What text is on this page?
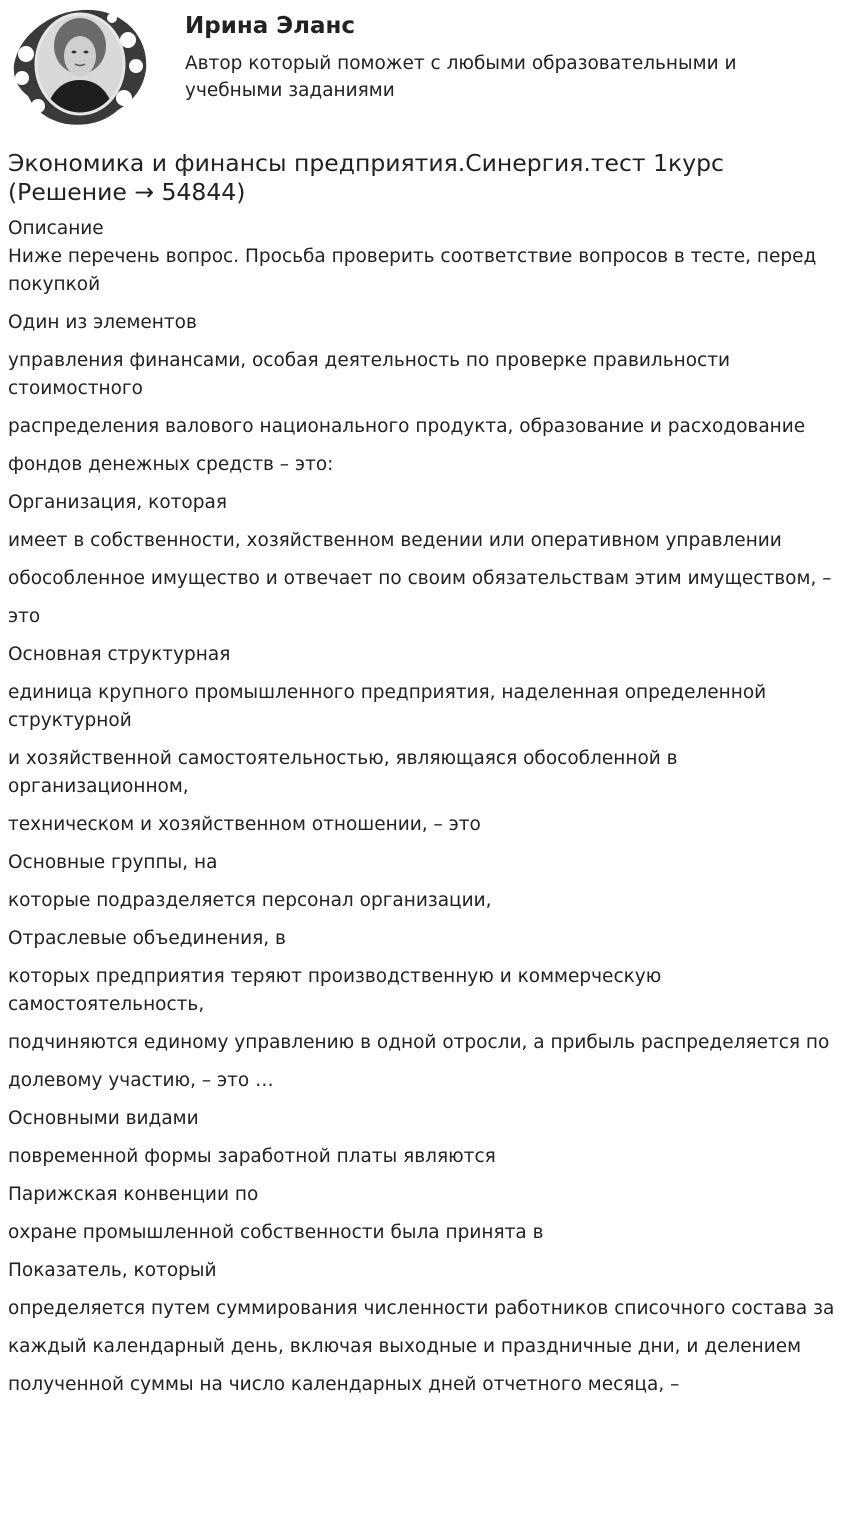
Ирина Эланс
Автор который поможет с любыми образовательными и учебными заданиями
Экономика и финансы предприятия.Синергия.тест 1курс (Решение → 54844)
Описание
Ниже перечень вопрос. Просьба проверить соответствие вопросов в тесте, перед покупкой
Один из элементов
управления финансами, особая деятельность по проверке правильности стоимостного
распределения валового национального продукта, образование и расходование
фондов денежных средств – это:
Организация, которая
имеет в собственности, хозяйственном ведении или оперативном управлении
обособленное имущество и отвечает по своим обязательствам этим имуществом, –
это
Основная структурная
единица крупного промышленного предприятия, наделенная определенной структурной
и хозяйственной самостоятельностью, являющаяся обособленной в организационном,
техническом и хозяйственном отношении, – это
Основные группы, на
которые подразделяется персонал организации,
Отраслевые объединения, в
которых предприятия теряют производственную и коммерческую самостоятельность,
подчиняются единому управлению в одной отросли, а прибыль распределяется по
долевому участию, – это …
Основными видами
повременной формы заработной платы являются
Парижская конвенции по
охране промышленной собственности была принята в
Показатель, который
определяется путем суммирования численности работников списочного состава за
каждый календарный день, включая выходные и праздничные дни, и делением
полученной суммы на число календарных дней отчетного месяца, –
